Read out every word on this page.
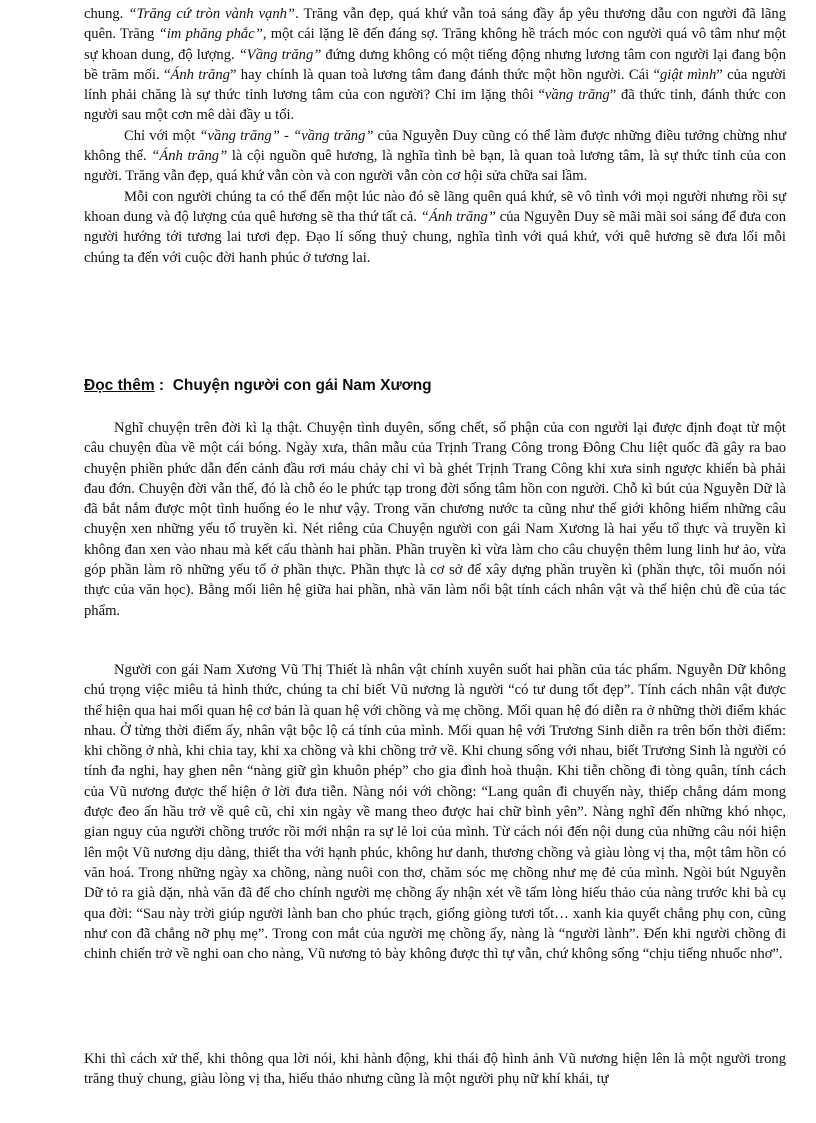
chung. “Trăng cứ tròn vành vạnh”. Trăng vẫn đẹp, quá khứ vẫn toả sáng đầy ắp yêu thương dẫu con người đã lãng quên. Trăng “im phăng phắc”, một cái lặng lẽ đến đáng sợ. Trăng không hề trách móc con người quá vô tâm như một sự khoan dung, độ lượng. “Vầng trăng” đứng dưng không có một tiếng động nhưng lương tâm con người lại đang bộn bề trăm mối. “Ánh trăng” hay chính là quan toà lương tâm đang đánh thức một hồn người. Cái “giật mình” của người lính phải chăng là sự thức tỉnh lương tâm của con người? Chỉ im lặng thôi “vầng trăng” đã thức tỉnh, đánh thức con người sau một cơn mê dài đầy u tối.

Chỉ với một “vầng trăng” - “vầng trăng” của Nguyễn Duy cũng có thể làm được những điều tưởng chừng như không thể. “Ánh trăng” là cội nguồn quê hương, là nghĩa tình bè bạn, là quan toà lương tâm, là sự thức tỉnh của con người. Trăng vẫn đẹp, quá khứ vẫn còn và con người vẫn còn cơ hội sửa chữa sai lầm.

Mỗi con người chúng ta có thể đến một lúc nào đó sẽ lãng quên quá khứ, sẽ vô tình với mọi người nhưng rồi sự khoan dung và độ lượng của quê hương sẽ tha thứ tất cả. “Ánh trăng” của Nguyễn Duy sẽ mãi mãi soi sáng để đưa con người hướng tới tương lai tươi đẹp. Đạo lí sống thuỷ chung, nghĩa tình với quá khứ, với quê hương sẽ đưa lối mỗi chúng ta đến với cuộc đời hanh phúc ở tương lai.

Đọc thêm :  Chuyện người con gái Nam Xương

Nghĩ chuyện trên đời kì lạ thật. Chuyện tình duyên, sống chết, số phận của con người lại được định đoạt từ một câu chuyện đùa về một cái bóng. Ngày xưa, thân mẫu của Trịnh Trang Công trong Đông Chu liệt quốc đã gây ra bao chuyện phiền phức dẫn đến cảnh đầu rơi máu chảy chỉ vì bà ghét Trịnh Trang Công khi xưa sinh ngược khiến bà phải đau đớn. Chuyện đời vẫn thế, đó là chỗ éo le phức tạp trong đời sống tâm hồn con người. Chỗ kì bút của Nguyễn Dữ là đã bắt nắm được một tình huống éo le như vậy. Trong văn chương nước ta cũng như thế giới không hiếm những câu chuyện xen những yếu tố truyền kì. Nét riêng của Chuyện người con gái Nam Xương là hai yếu tố thực và truyền kì không đan xen vào nhau mà kết cấu thành hai phần. Phần truyền kì vừa làm cho câu chuyện thêm lung linh hư ảo, vừa góp phần làm rõ những yếu tố ở phần thực. Phần thực là cơ sở để xây dựng phần truyền kì (phần thực, tôi muốn nói thực của văn học). Bằng mối liên hệ giữa hai phần, nhà văn làm nổi bật tính cách nhân vật và thể hiện chủ đề của tác phẩm.

Người con gái Nam Xương Vũ Thị Thiết là nhân vật chính xuyên suốt hai phần của tác phẩm. Nguyễn Dữ không chú trọng việc miêu tả hình thức, chúng ta chỉ biết Vũ nương là người “có tư dung tốt đẹp”. Tính cách nhân vật được thể hiện qua hai mối quan hệ cơ bản là quan hệ với chồng và mẹ chồng. Mối quan hệ đó diễn ra ở những thời điểm khác nhau. Ở từng thời điểm ấy, nhân vật bộc lộ cá tính của mình. Mối quan hệ với Trương Sinh diễn ra trên bốn thời điểm: khi chồng ở nhà, khi chia tay, khi xa chồng và khi chồng trở về. Khi chung sống với nhau, biết Trương Sinh là người có tính đa nghi, hay ghen nên “nàng giữ gìn khuôn phép” cho gia đình hoà thuận. Khi tiễn chồng đi tòng quân, tính cách của Vũ nương được thể hiện ở lời đưa tiễn. Nàng nói với chồng: “Lang quân đi chuyến này, thiếp chẳng dám mong được đeo ấn hầu trở về quê cũ, chỉ xin ngày về mang theo được hai chữ bình yên”. Nàng nghĩ đến những khó nhọc, gian nguy của người chồng trước rồi mới nhận ra sự lẻ loi của mình. Từ cách nói đến nội dung của những câu nói hiện lên một Vũ nương dịu dàng, thiết tha với hạnh phúc, không hư danh, thương chồng và giàu lòng vị tha, một tâm hồn có văn hoá. Trong những ngày xa chồng, nàng nuôi con thơ, chăm sóc mẹ chồng như mẹ đẻ của mình. Ngòi bút Nguyễn Dữ tỏ ra già dặn, nhà văn đã để cho chính người mẹ chồng ấy nhận xét về tấm lòng hiếu thảo của nàng trước khi bà cụ qua đời: “Sau này trời giúp người lành ban cho phúc trạch, giống giòng tươi tốt… xanh kia quyết chẳng phụ con, cũng như con đã chẳng nỡ phụ mẹ”. Trong con mắt của người mẹ chồng ấy, nàng là “người lành”. Đến khi người chồng đi chinh chiến trở về nghi oan cho nàng, Vũ nương tỏ bày không được thì tự vẫn, chứ không sống “chịu tiếng nhuốc nhơ”.

Khi thì cách xử thế, khi thông qua lời nói, khi hành động, khi thái độ hình ảnh Vũ nương hiện lên là một người trong trăng thuỷ chung, giàu lòng vị tha, hiếu thảo nhưng cũng là một người phụ nữ khí khái, tự
